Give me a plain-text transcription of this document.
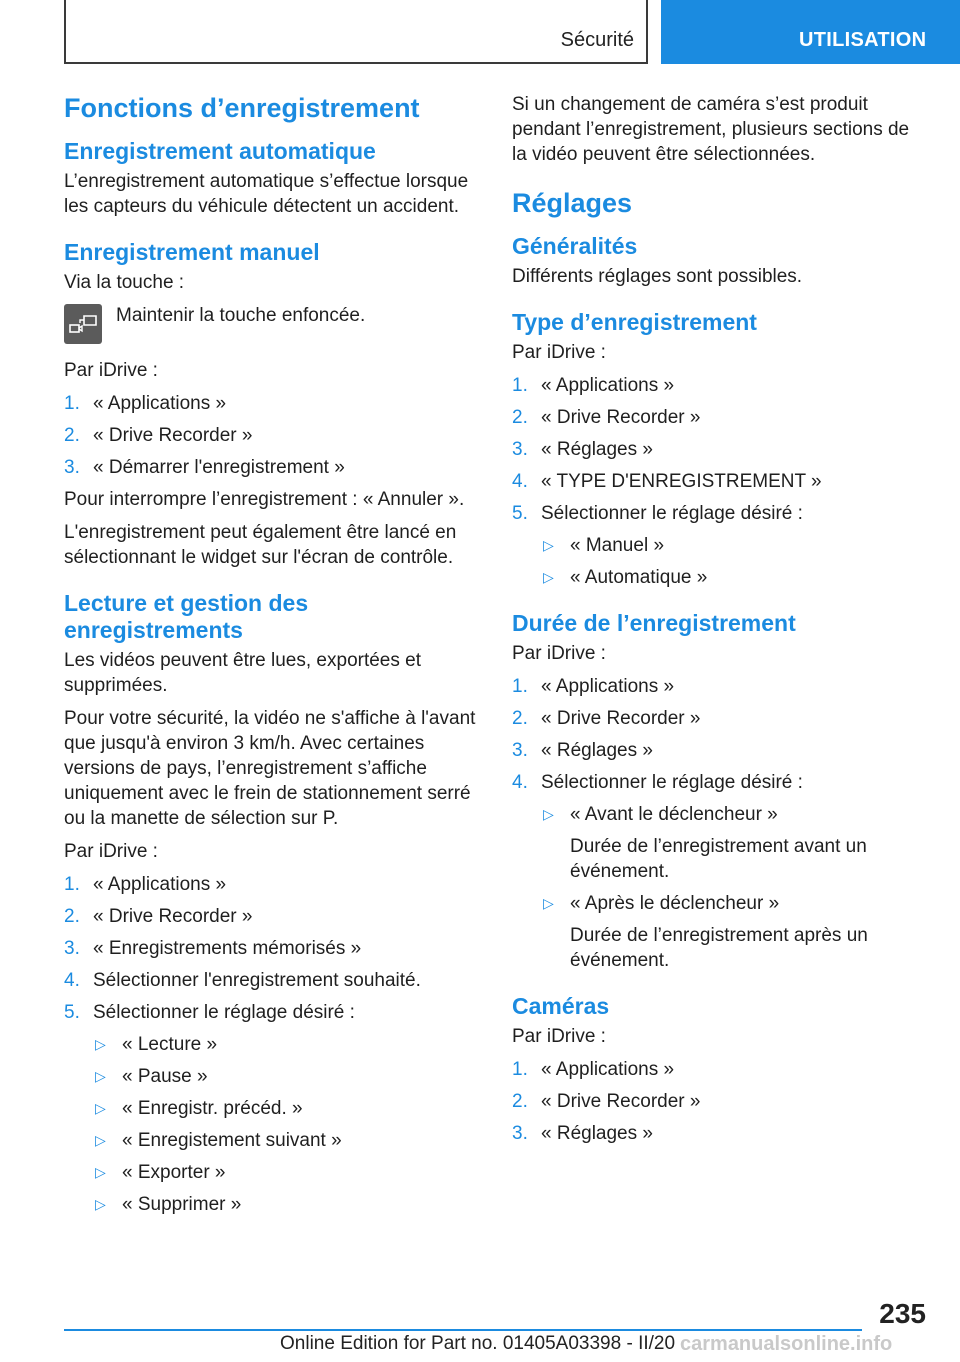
Sécurité	UTILISATION
Fonctions d’enregistrement
Enregistrement automatique

L’enregistrement automatique s’effectue lorsque les capteurs du véhicule détectent un accident.

Enregistrement manuel

Via la touche :

Maintenir la touche enfoncée.

Par iDrive :

1. « Applications »
2. « Drive Recorder »
3. « Démarrer l'enregistrement »

Pour interrompre l’enregistrement : « Annuler ».

L'enregistrement peut également être lancé en sélectionnant le widget sur l'écran de contrôle.

Lecture et gestion des enregistrements

Les vidéos peuvent être lues, exportées et supprimées.

Pour votre sécurité, la vidéo ne s'affiche à l'avant que jusqu'à environ 3 km/h. Avec certaines versions de pays, l’enregistrement s’affiche uniquement avec le frein de stationnement serré ou la manette de sélection sur P.

Par iDrive :

1. « Applications »
2. « Drive Recorder »
3. « Enregistrements mémorisés »
4. Sélectionner l'enregistrement souhaité.
5. Sélectionner le réglage désiré :
▷ « Lecture »
▷ « Pause »
▷ « Enregistr. précéd. »
▷ « Enregistement suivant »
▷ « Exporter »
▷ « Supprimer »

Si un changement de caméra s’est produit pendant l’enregistrement, plusieurs sections de la vidéo peuvent être sélectionnées.

Réglages
Généralités

Différents réglages sont possibles.

Type d’enregistrement

Par iDrive :

1. « Applications »
2. « Drive Recorder »
3. « Réglages »
4. « TYPE D'ENREGISTREMENT »
5. Sélectionner le réglage désiré :
▷ « Manuel »
▷ « Automatique »
Durée de l’enregistrement

Par iDrive :

1. « Applications »
2. « Drive Recorder »
3. « Réglages »
4. Sélectionner le réglage désiré :
▷ « Avant le déclencheur »
Durée de l’enregistrement avant un événement.
▷ « Après le déclencheur »
Durée de l’enregistrement après un événement.
Caméras

Par iDrive :

1. « Applications »
2. « Drive Recorder »
3. « Réglages »
235
Online Edition for Part no. 01405A03398 - II/20 carmanualsonline.info
